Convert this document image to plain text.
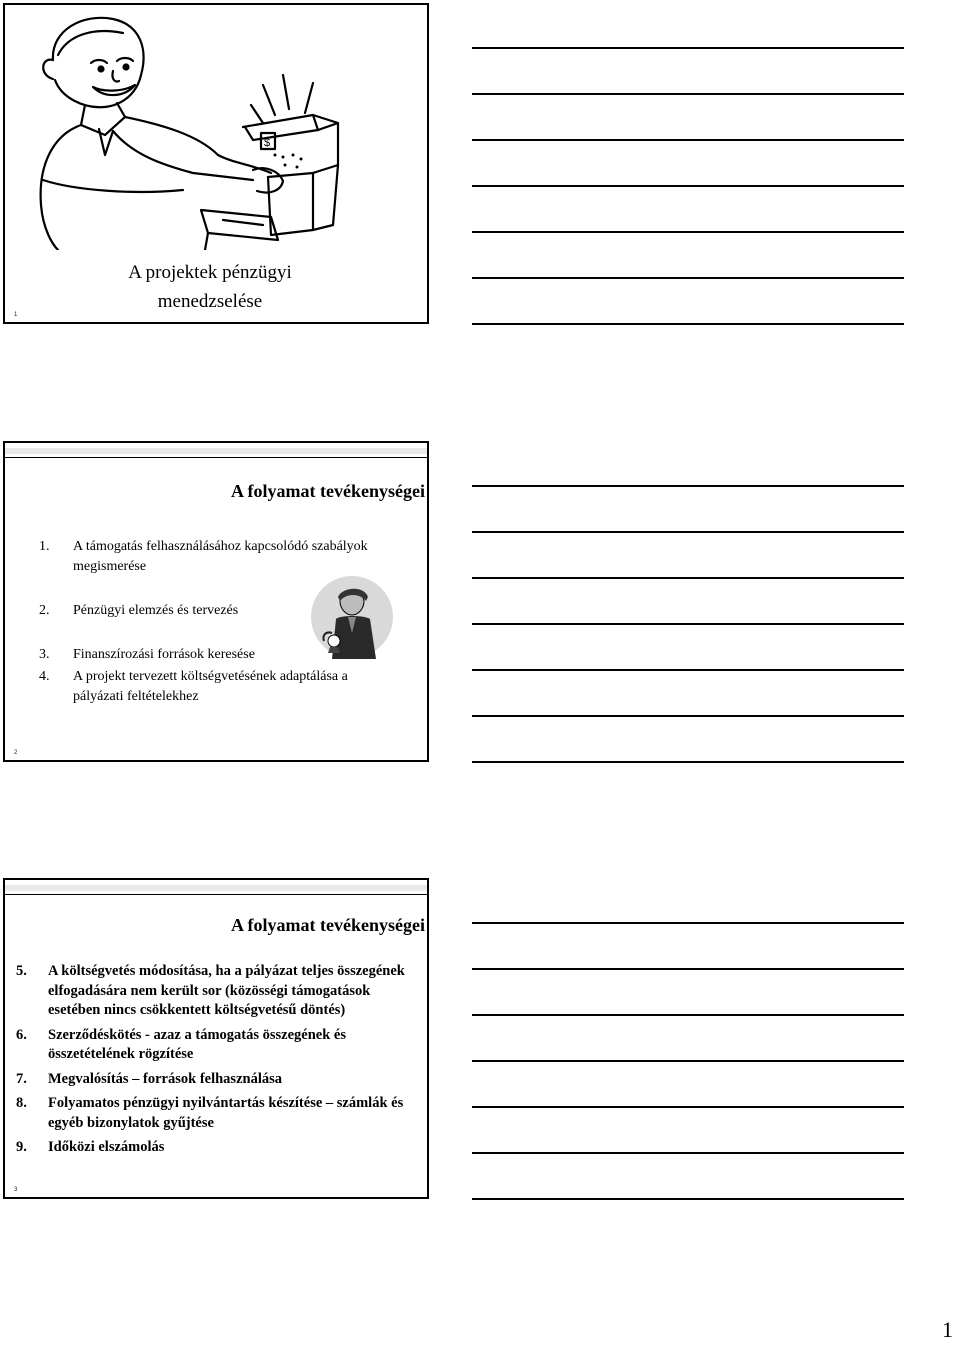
$
A projektek pénzügyi
menedzselése
1
A folyamat tevékenységei
1. A támogatás felhasználásához kapcsolódó szabályok megismerése
2. Pénzügyi elemzés és tervezés
3. Finanszírozási források keresése
4. A projekt tervezett költségvetésének adaptálása a pályázati feltételekhez
2
A folyamat tevékenységei
5. A költségvetés módosítása, ha a pályázat teljes összegének elfogadására nem került sor (közösségi támogatások esetében nincs csökkentett költségvetésű döntés)
6. Szerződéskötés - azaz a támogatás összegének és összetételének rögzítése
7. Megvalósítás – források felhasználása
8. Folyamatos pénzügyi nyilvántartás készítése – számlák és egyéb bizonylatok gyűjtése
9. Időközi elszámolás
3
1
